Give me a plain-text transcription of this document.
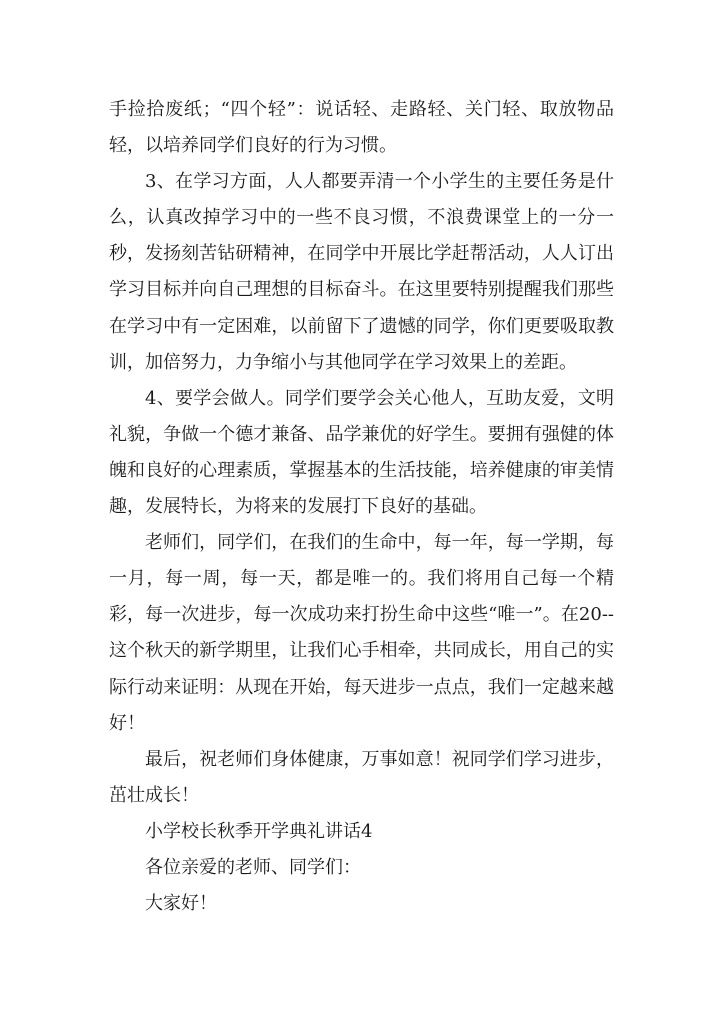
手捡拾废纸；“四个轻”：说话轻、走路轻、关门轻、取放物品轻，以培养同学们良好的行为习惯。

3、在学习方面，人人都要弄清一个小学生的主要任务是什么，认真改掉学习中的一些不良习惯，不浪费课堂上的一分一秒，发扬刻苦钻研精神，在同学中开展比学赶帮活动，人人订出学习目标并向自己理想的目标奋斗。在这里要特别提醒我们那些在学习中有一定困难，以前留下了遗憾的同学，你们更要吸取教训，加倍努力，力争缩小与其他同学在学习效果上的差距。

4、要学会做人。同学们要学会关心他人，互助友爱，文明礼貌，争做一个德才兼备、品学兼优的好学生。要拥有强健的体魄和良好的心理素质，掌握基本的生活技能，培养健康的审美情趣，发展特长，为将来的发展打下良好的基础。

老师们，同学们，在我们的生命中，每一年，每一学期，每一月，每一周，每一天，都是唯一的。我们将用自己每一个精彩，每一次进步，每一次成功来打扮生命中这些“唯一”。在20--这个秋天的新学期里，让我们心手相牵，共同成长，用自己的实际行动来证明：从现在开始，每天进步一点点，我们一定越来越好！

最后，祝老师们身体健康，万事如意！祝同学们学习进步，茁壮成长！

小学校长秋季开学典礼讲话4

各位亲爱的老师、同学们：

大家好！
